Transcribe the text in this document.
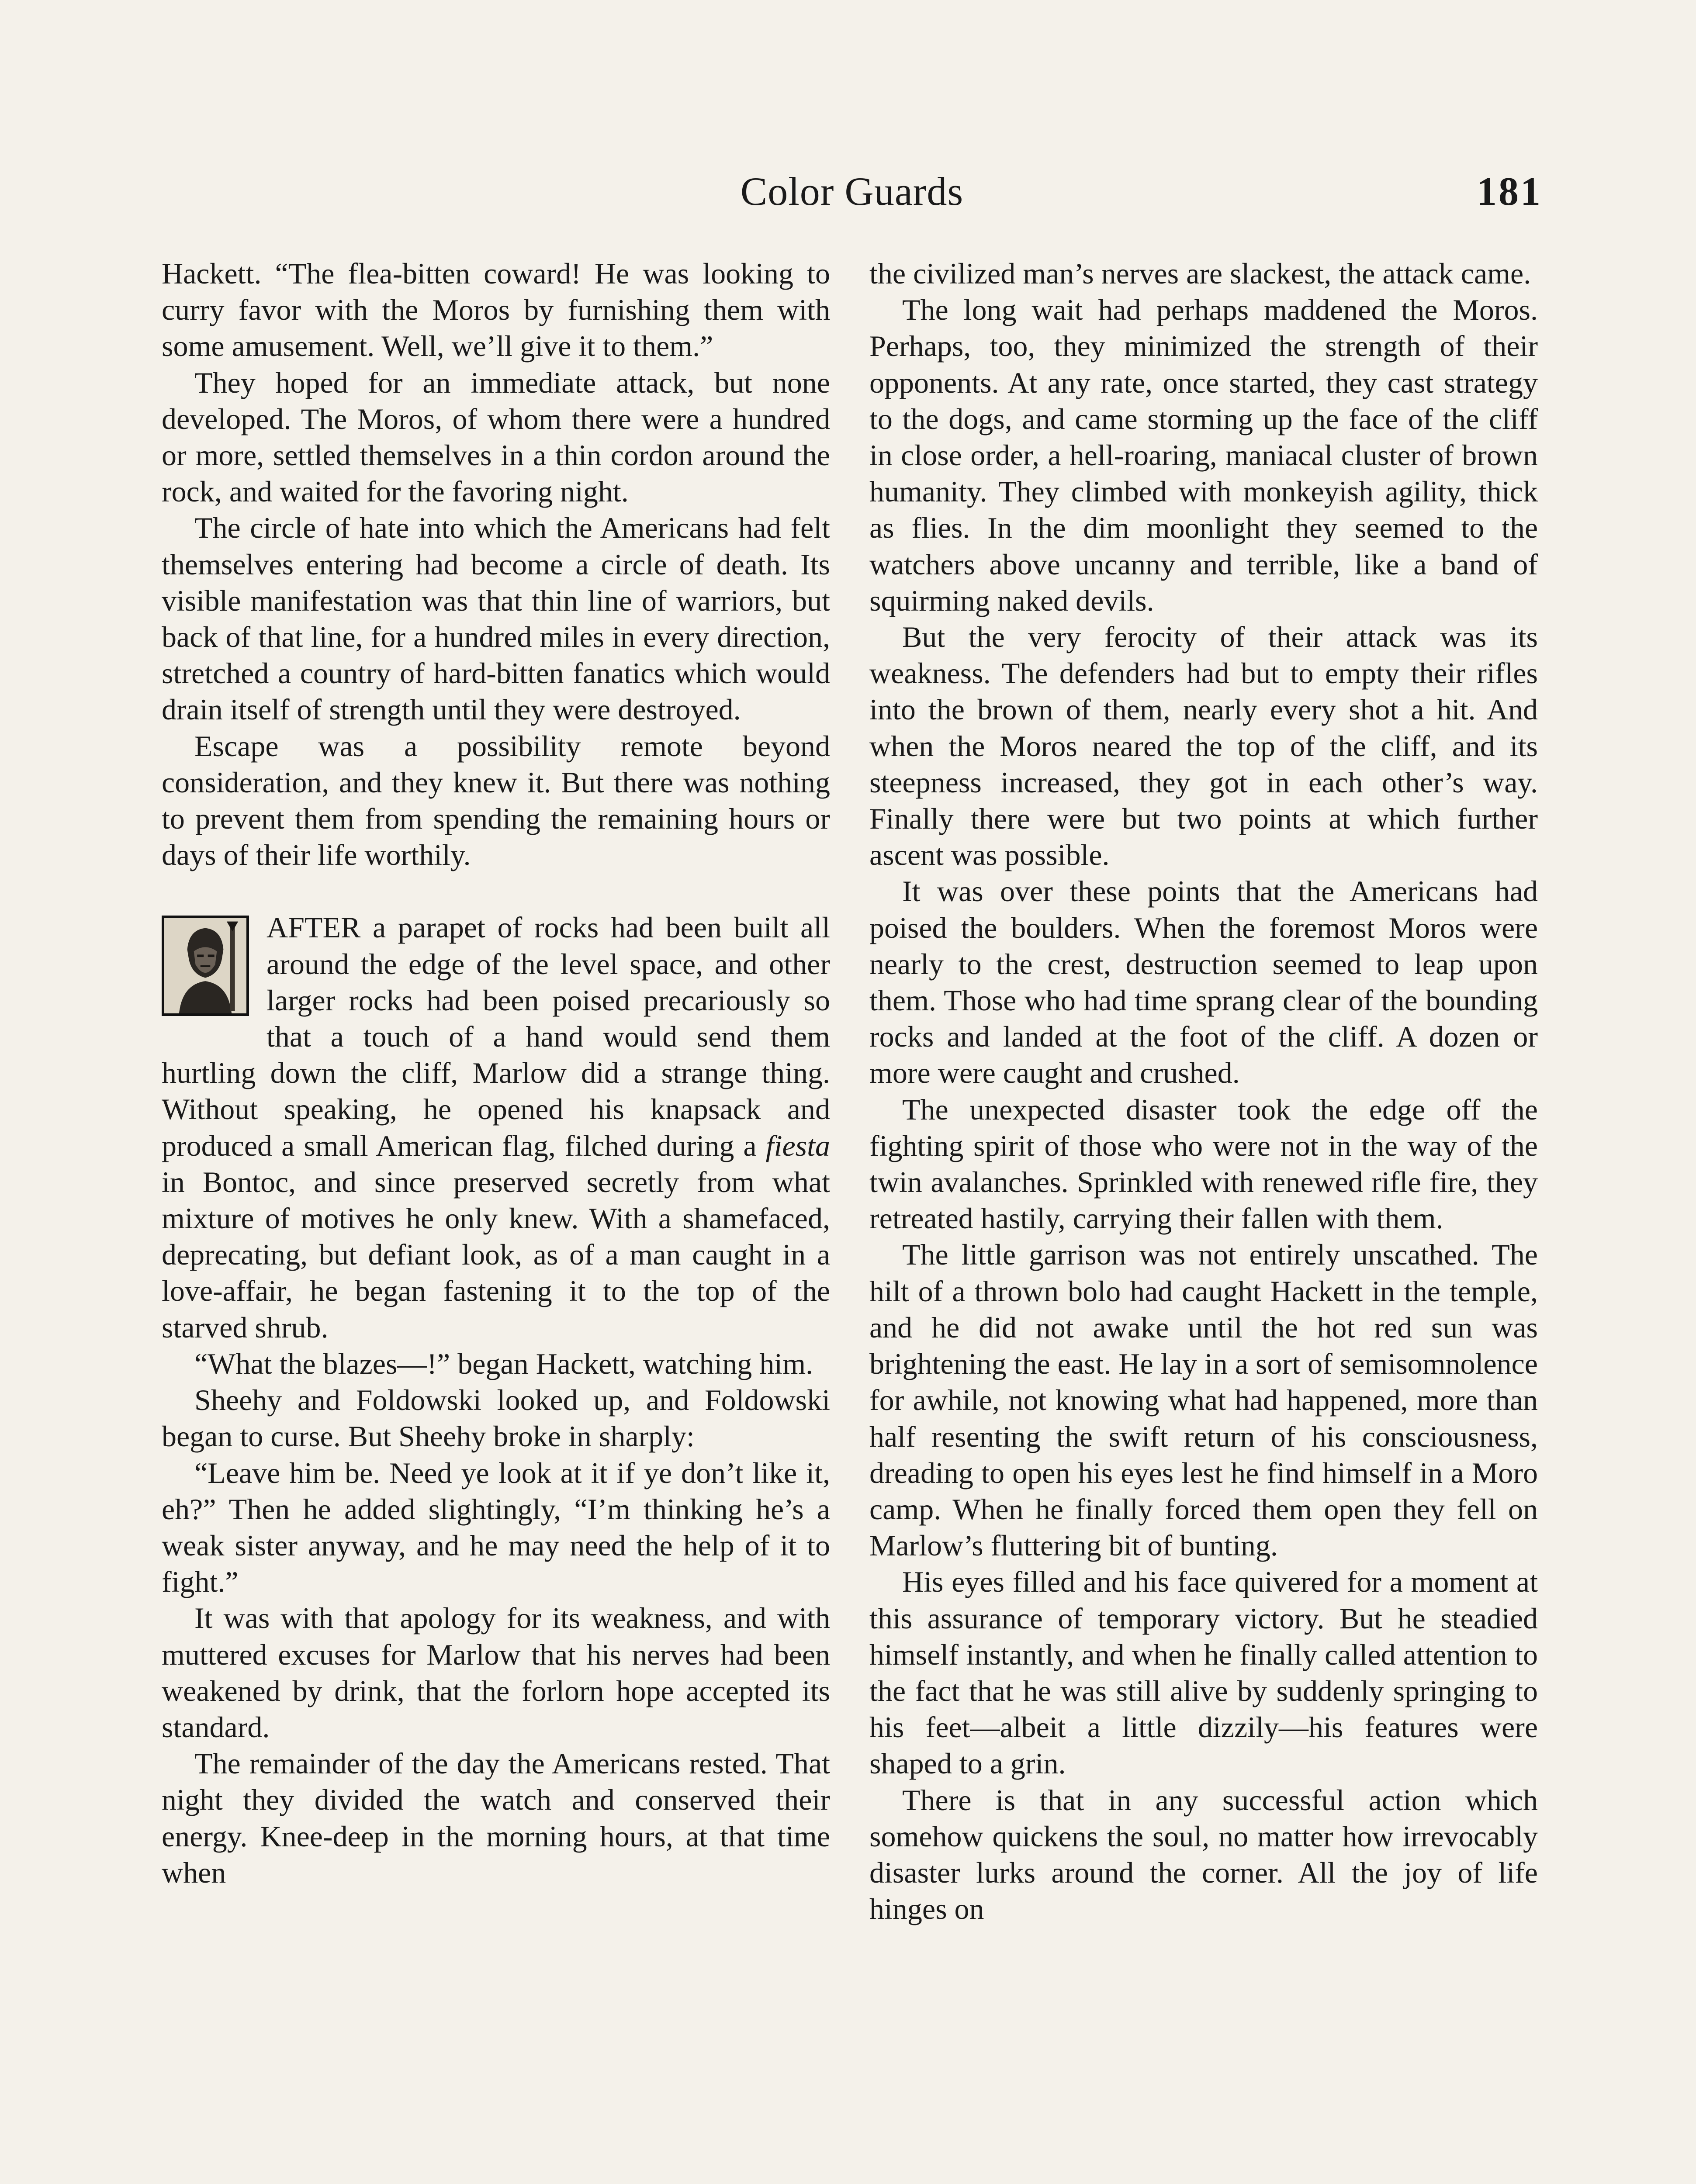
Color Guards	181

Hackett. “The flea-bitten coward! He was looking to curry favor with the Moros by furnishing them with some amusement. Well, we’ll give it to them.”

They hoped for an immediate attack, but none developed. The Moros, of whom there were a hundred or more, settled themselves in a thin cordon around the rock, and waited for the favoring night.

The circle of hate into which the Americans had felt themselves entering had become a circle of death. Its visible manifestation was that thin line of warriors, but back of that line, for a hundred miles in every direction, stretched a country of hard-bitten fanatics which would drain itself of strength until they were destroyed.

Escape was a possibility remote beyond consideration, and they knew it. But there was nothing to prevent them from spending the remaining hours or days of their life worthily.

AFTER a parapet of rocks had been built all around the edge of the level space, and other larger rocks had been poised precariously so that a touch of a hand would send them hurtling down the cliff, Marlow did a strange thing. Without speaking, he opened his knapsack and produced a small American flag, filched during a fiesta in Bontoc, and since preserved secretly from what mixture of motives he only knew. With a shamefaced, deprecating, but defiant look, as of a man caught in a love-affair, he began fastening it to the top of the starved shrub.

“What the blazes—!” began Hackett, watching him.

Sheehy and Foldowski looked up, and Foldowski began to curse. But Sheehy broke in sharply:

“Leave him be. Need ye look at it if ye don’t like it, eh?” Then he added slightingly, “I’m thinking he’s a weak sister anyway, and he may need the help of it to fight.”

It was with that apology for its weakness, and with muttered excuses for Marlow that his nerves had been weakened by drink, that the forlorn hope accepted its standard.

The remainder of the day the Americans rested. That night they divided the watch and conserved their energy. Knee-deep in the morning hours, at that time when

the civilized man’s nerves are slackest, the attack came.

The long wait had perhaps maddened the Moros. Perhaps, too, they minimized the strength of their opponents. At any rate, once started, they cast strategy to the dogs, and came storming up the face of the cliff in close order, a hell-roaring, maniacal cluster of brown humanity. They climbed with monkeyish agility, thick as flies. In the dim moonlight they seemed to the watchers above uncanny and terrible, like a band of squirming naked devils.

But the very ferocity of their attack was its weakness. The defenders had but to empty their rifles into the brown of them, nearly every shot a hit. And when the Moros neared the top of the cliff, and its steepness increased, they got in each other’s way. Finally there were but two points at which further ascent was possible.

It was over these points that the Americans had poised the boulders. When the foremost Moros were nearly to the crest, destruction seemed to leap upon them. Those who had time sprang clear of the bounding rocks and landed at the foot of the cliff. A dozen or more were caught and crushed.

The unexpected disaster took the edge off the fighting spirit of those who were not in the way of the twin avalanches. Sprinkled with renewed rifle fire, they retreated hastily, carrying their fallen with them.

The little garrison was not entirely unscathed. The hilt of a thrown bolo had caught Hackett in the temple, and he did not awake until the hot red sun was brightening the east. He lay in a sort of semisomnolence for awhile, not knowing what had happened, more than half resenting the swift return of his consciousness, dreading to open his eyes lest he find himself in a Moro camp. When he finally forced them open they fell on Marlow’s fluttering bit of bunting.

His eyes filled and his face quivered for a moment at this assurance of temporary victory. But he steadied himself instantly, and when he finally called attention to the fact that he was still alive by suddenly springing to his feet—albeit a little dizzily—his features were shaped to a grin.

There is that in any successful action which somehow quickens the soul, no matter how irrevocably disaster lurks around the corner. All the joy of life hinges on
